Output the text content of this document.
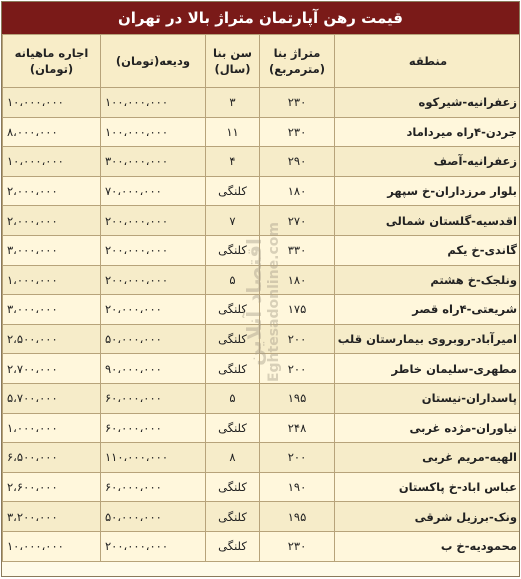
قیمت رهن آپارتمان متراژ بالا در تهران
اجاره ماهیانه (تومان)	ودیعه(تومان)	سن بنا (سال)	متراژ بنا (مترمربع)	منطقه
۱۰،۰۰۰،۰۰۰	۱۰۰،۰۰۰،۰۰۰	۳	۲۳۰	زعفرانیه-شیرکوه
۸،۰۰۰،۰۰۰	۱۰۰،۰۰۰،۰۰۰	۱۱	۲۳۰	جردن-۴راه میرداماد
۱۰،۰۰۰،۰۰۰	۳۰۰،۰۰۰،۰۰۰	۴	۲۹۰	زعفرانیه-آصف
۲،۰۰۰،۰۰۰	۷۰،۰۰۰،۰۰۰	کلنگی	۱۸۰	بلوار مرزداران-خ سپهر
۲،۰۰۰،۰۰۰	۲۰۰،۰۰۰،۰۰۰	۷	۲۷۰	اقدسیه-گلستان شمالی
۳،۰۰۰،۰۰۰	۲۰۰،۰۰۰،۰۰۰	کلنگی	۳۳۰	گاندی-خ یکم
۱،۰۰۰،۰۰۰	۲۰۰،۰۰۰،۰۰۰	۵	۱۸۰	ونلجک-خ هشتم
۳،۰۰۰،۰۰۰	۲۰،۰۰۰،۰۰۰	کلنگی	۱۷۵	شریعتی-۴راه قصر
۲،۵۰۰،۰۰۰	۵۰،۰۰۰،۰۰۰	کلنگی	۲۰۰	امیرآباد-روبروی بیمارستان قلب
۲،۷۰۰،۰۰۰	۹۰،۰۰۰،۰۰۰	کلنگی	۲۰۰	مطهری-سلیمان خاطر
۵،۷۰۰،۰۰۰	۶۰،۰۰۰،۰۰۰	۵	۱۹۵	پاسداران-نیستان
۱،۰۰۰،۰۰۰	۶۰،۰۰۰،۰۰۰	کلنگی	۲۴۸	نیاوران-مژده غربی
۶،۵۰۰،۰۰۰	۱۱۰،۰۰۰،۰۰۰	۸	۲۰۰	الهیه-مریم غربی
۲،۶۰۰،۰۰۰	۶۰،۰۰۰،۰۰۰	کلنگی	۱۹۰	عباس اباد-خ پاکستان
۳،۲۰۰،۰۰۰	۵۰،۰۰۰،۰۰۰	کلنگی	۱۹۵	ونک-برزیل شرقی
۱۰،۰۰۰،۰۰۰	۲۰۰،۰۰۰،۰۰۰	کلنگی	۲۳۰	محمودیه-خ ب
اقتصاد آنلاین Eghtesadonline.com
